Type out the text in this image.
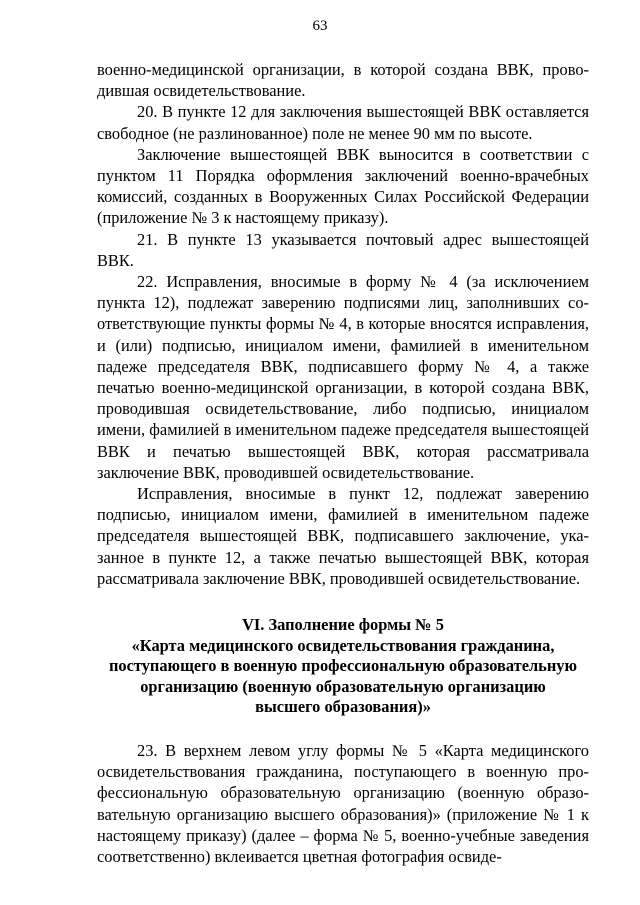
63

военно-медицинской организации, в которой создана ВВК, проводившая освидетельствование.

20. В пункте 12 для заключения вышестоящей ВВК оставляется свободное (не разлинованное) поле не менее 90 мм по высоте.

Заключение вышестоящей ВВК выносится в соответствии с пунктом 11 Порядка оформления заключений военно-врачебных комиссий, созданных в Вооруженных Силах Российской Федерации (приложение № 3 к настоящему приказу).

21. В пункте 13 указывается почтовый адрес вышестоящей ВВК.

22. Исправления, вносимые в форму № 4 (за исключением пункта 12), подлежат заверению подписями лиц, заполнивших соответствующие пункты формы № 4, в которые вносятся исправления, и (или) подписью, инициалом имени, фамилией в именительном падеже председателя ВВК, подписавшего форму № 4, а также печатью военно-медицинской организации, в которой создана ВВК, проводившая освидетельствование, либо подписью, инициалом имени, фамилией в именительном падеже председателя вышестоящей ВВК и печатью вышестоящей ВВК, которая рассматривала заключение ВВК, проводившей освидетельствование.

Исправления, вносимые в пункт 12, подлежат заверению подписью, инициалом имени, фамилией в именительном падеже председателя вышестоящей ВВК, подписавшего заключение, указанное в пункте 12, а также печатью вышестоящей ВВК, которая рассматривала заключение ВВК, проводившей освидетельствование.

VI. Заполнение формы № 5
«Карта медицинского освидетельствования гражданина,
поступающего в военную профессиональную образовательную
организацию (военную образовательную организацию
высшего образования)»

23. В верхнем левом углу формы № 5 «Карта медицинского освидетельствования гражданина, поступающего в военную профессиональную образовательную организацию (военную образовательную организацию высшего образования)» (приложение № 1 к настоящему приказу) (далее – форма № 5, военно-учебные заведения соответственно) вклеивается цветная фотография освиде-
